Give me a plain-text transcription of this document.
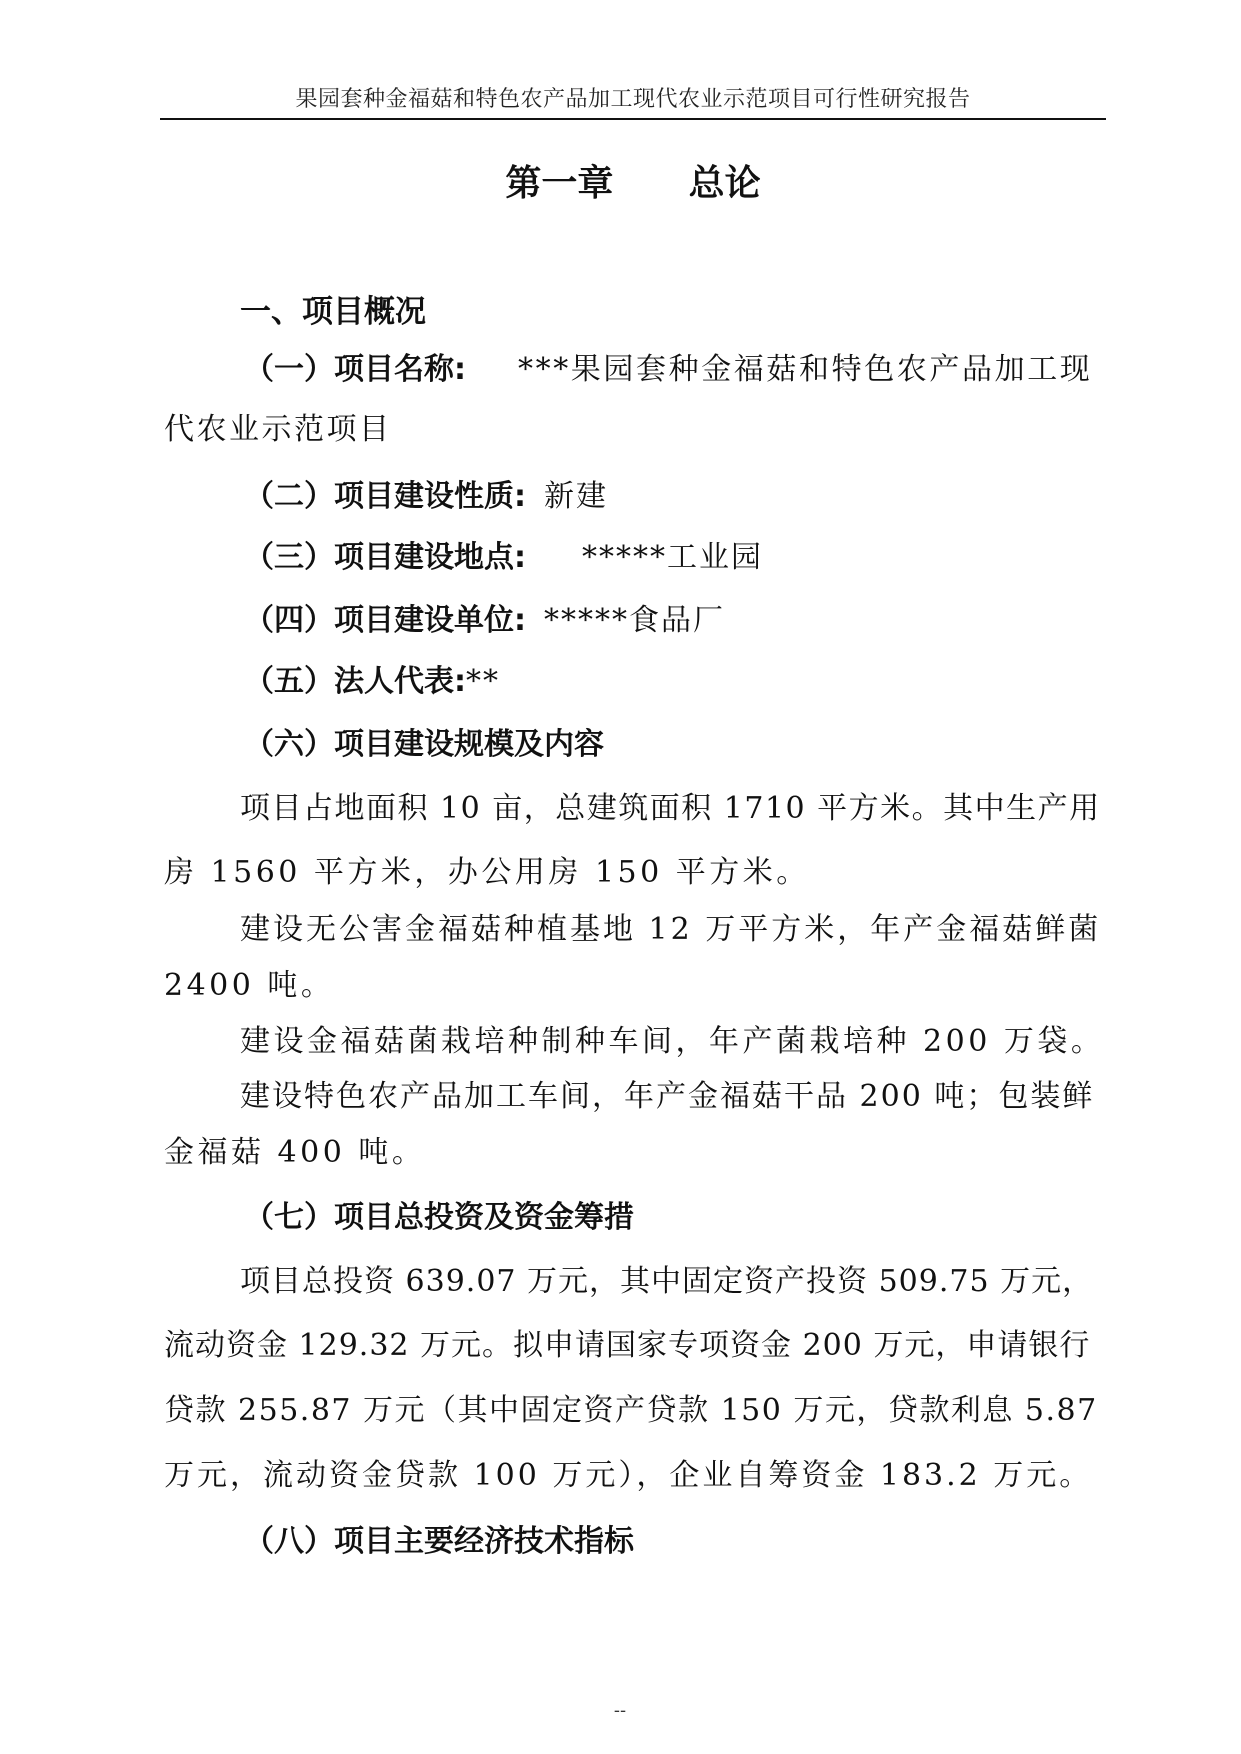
果园套种金福菇和特色农产品加工现代农业示范项目可行性研究报告
第一章      总论
一、项目概况
（一）项目名称: ***果园套种金福菇和特色农产品加工现
代农业示范项目
（二）项目建设性质: 新建
（三）项目建设地点: *****工业园
（四）项目建设单位: *****食品厂
（五）法人代表:**
（六）项目建设规模及内容
项目占地面积 10 亩，总建筑面积 1710 平方米。其中生产用
房 1560 平方米，办公用房 150 平方米。
建设无公害金福菇种植基地 12 万平方米，年产金福菇鲜菌
2400 吨。
建设金福菇菌栽培种制种车间，年产菌栽培种 200 万袋。
建设特色农产品加工车间，年产金福菇干品 200 吨；包装鲜
金福菇 400 吨。
（七）项目总投资及资金筹措
项目总投资 639.07 万元，其中固定资产投资 509.75 万元，
流动资金 129.32 万元。拟申请国家专项资金 200 万元，申请银行
贷款 255.87 万元（其中固定资产贷款 150 万元，贷款利息 5.87
万元，流动资金贷款 100 万元），企业自筹资金 183.2 万元。
（八）项目主要经济技术指标
--
